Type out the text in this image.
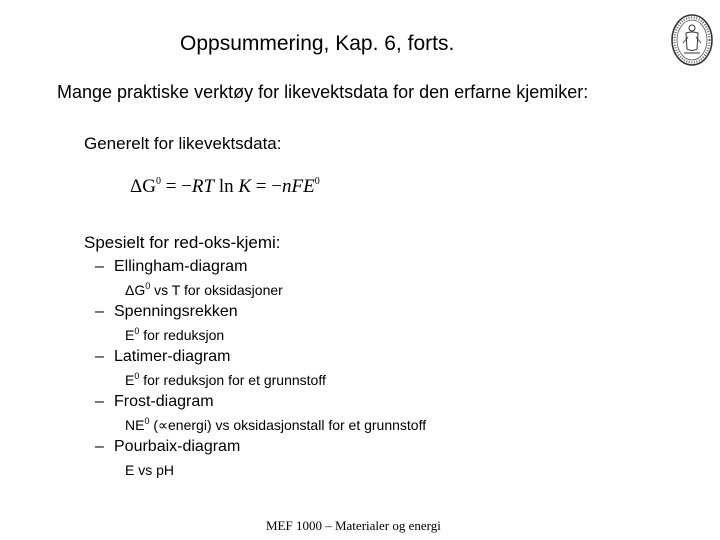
Oppsummering, Kap. 6, forts.
Mange praktiske verktøy for likevektsdata for den erfarne kjemiker:
Generelt for likevektsdata:
$\Delta G^0 = -RT$ ln K = −nFE$^0$
Spesielt for red-oks-kjemi:
– Ellingham-diagram
$\Delta G^0$ vs T for oksidasjoner
– Spenningsrekken
$E^0$ for reduksjon
– Latimer-diagram
$E^0$ for reduksjon for et grunnstoff
– Frost-diagram
$NE^0$ (∝energi) vs oksidasjonstall for et grunnstoff
– Pourbaix-diagram
E vs pH
MEF 1000 – Materialer og energi
